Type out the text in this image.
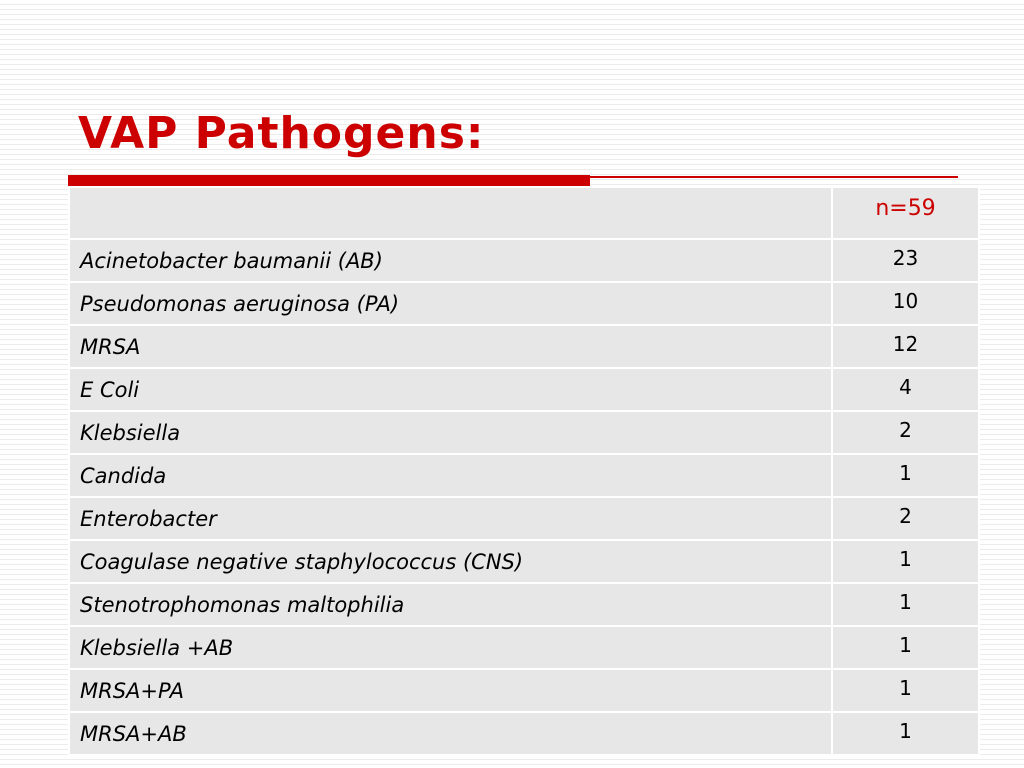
VAP Pathogens:
	n=59
Acinetobacter baumanii (AB)	23
Pseudomonas aeruginosa (PA)	10
MRSA	12
E Coli	4
Klebsiella	2
Candida	1
Enterobacter	2
Coagulase negative staphylococcus (CNS)	1
Stenotrophomonas maltophilia	1
Klebsiella +AB	1
MRSA+PA	1
MRSA+AB	1
